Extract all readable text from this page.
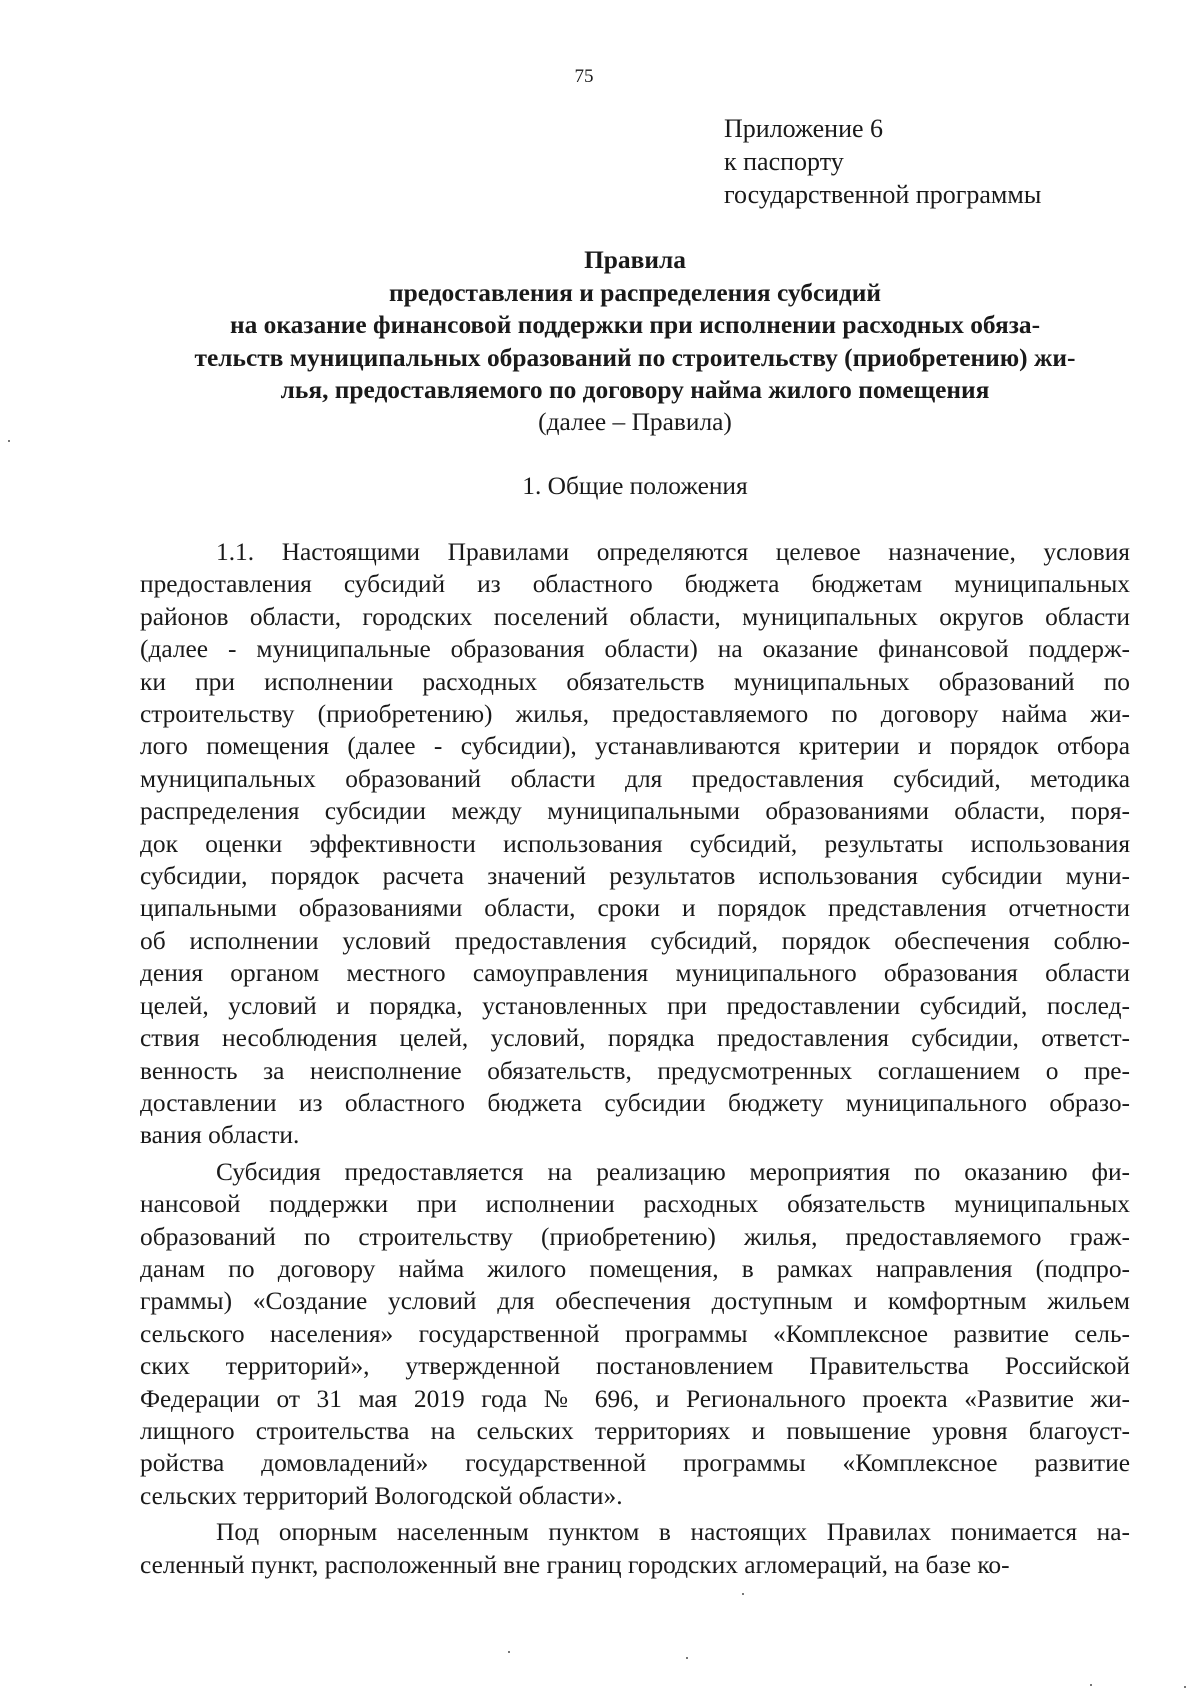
75
Приложение 6
к паспорту
государственной программы
Правила
предоставления и распределения субсидий
на оказание финансовой поддержки при исполнении расходных обяза-
тельств муниципальных образований по строительству (приобретению) жи-
лья, предоставляемого по договору найма жилого помещения
(далее – Правила)
1. Общие положения
1.1. Настоящими Правилами определяются целевое назначение, условия
предоставления субсидий из областного бюджета бюджетам муниципальных
районов области, городских поселений области, муниципальных округов области
(далее - муниципальные образования области) на оказание финансовой поддерж-
ки при исполнении расходных обязательств муниципальных образований по
строительству (приобретению) жилья, предоставляемого по договору найма жи-
лого помещения (далее - субсидии), устанавливаются критерии и порядок отбора
муниципальных образований области для предоставления субсидий, методика
распределения субсидии между муниципальными образованиями области, поря-
док оценки эффективности использования субсидий, результаты использования
субсидии, порядок расчета значений результатов использования субсидии муни-
ципальными образованиями области, сроки и порядок представления отчетности
об исполнении условий предоставления субсидий, порядок обеспечения соблю-
дения органом местного самоуправления муниципального образования области
целей, условий и порядка, установленных при предоставлении субсидий, послед-
ствия несоблюдения целей, условий, порядка предоставления субсидии, ответст-
венность за неисполнение обязательств, предусмотренных соглашением о пре-
доставлении из областного бюджета субсидии бюджету муниципального образо-
вания области.
Субсидия предоставляется на реализацию мероприятия по оказанию фи-
нансовой поддержки при исполнении расходных обязательств муниципальных
образований по строительству (приобретению) жилья, предоставляемого граж-
данам по договору найма жилого помещения, в рамках направления (подпро-
граммы) «Создание условий для обеспечения доступным и комфортным жильем
сельского населения» государственной программы «Комплексное развитие сель-
ских территорий», утвержденной постановлением Правительства Российской
Федерации от 31 мая 2019 года № 696, и Регионального проекта «Развитие жи-
лищного строительства на сельских территориях и повышение уровня благоуст-
ройства домовладений» государственной программы «Комплексное развитие
сельских территорий Вологодской области».
Под опорным населенным пунктом в настоящих Правилах понимается на-
селенный пункт, расположенный вне границ городских агломераций, на базе ко-
